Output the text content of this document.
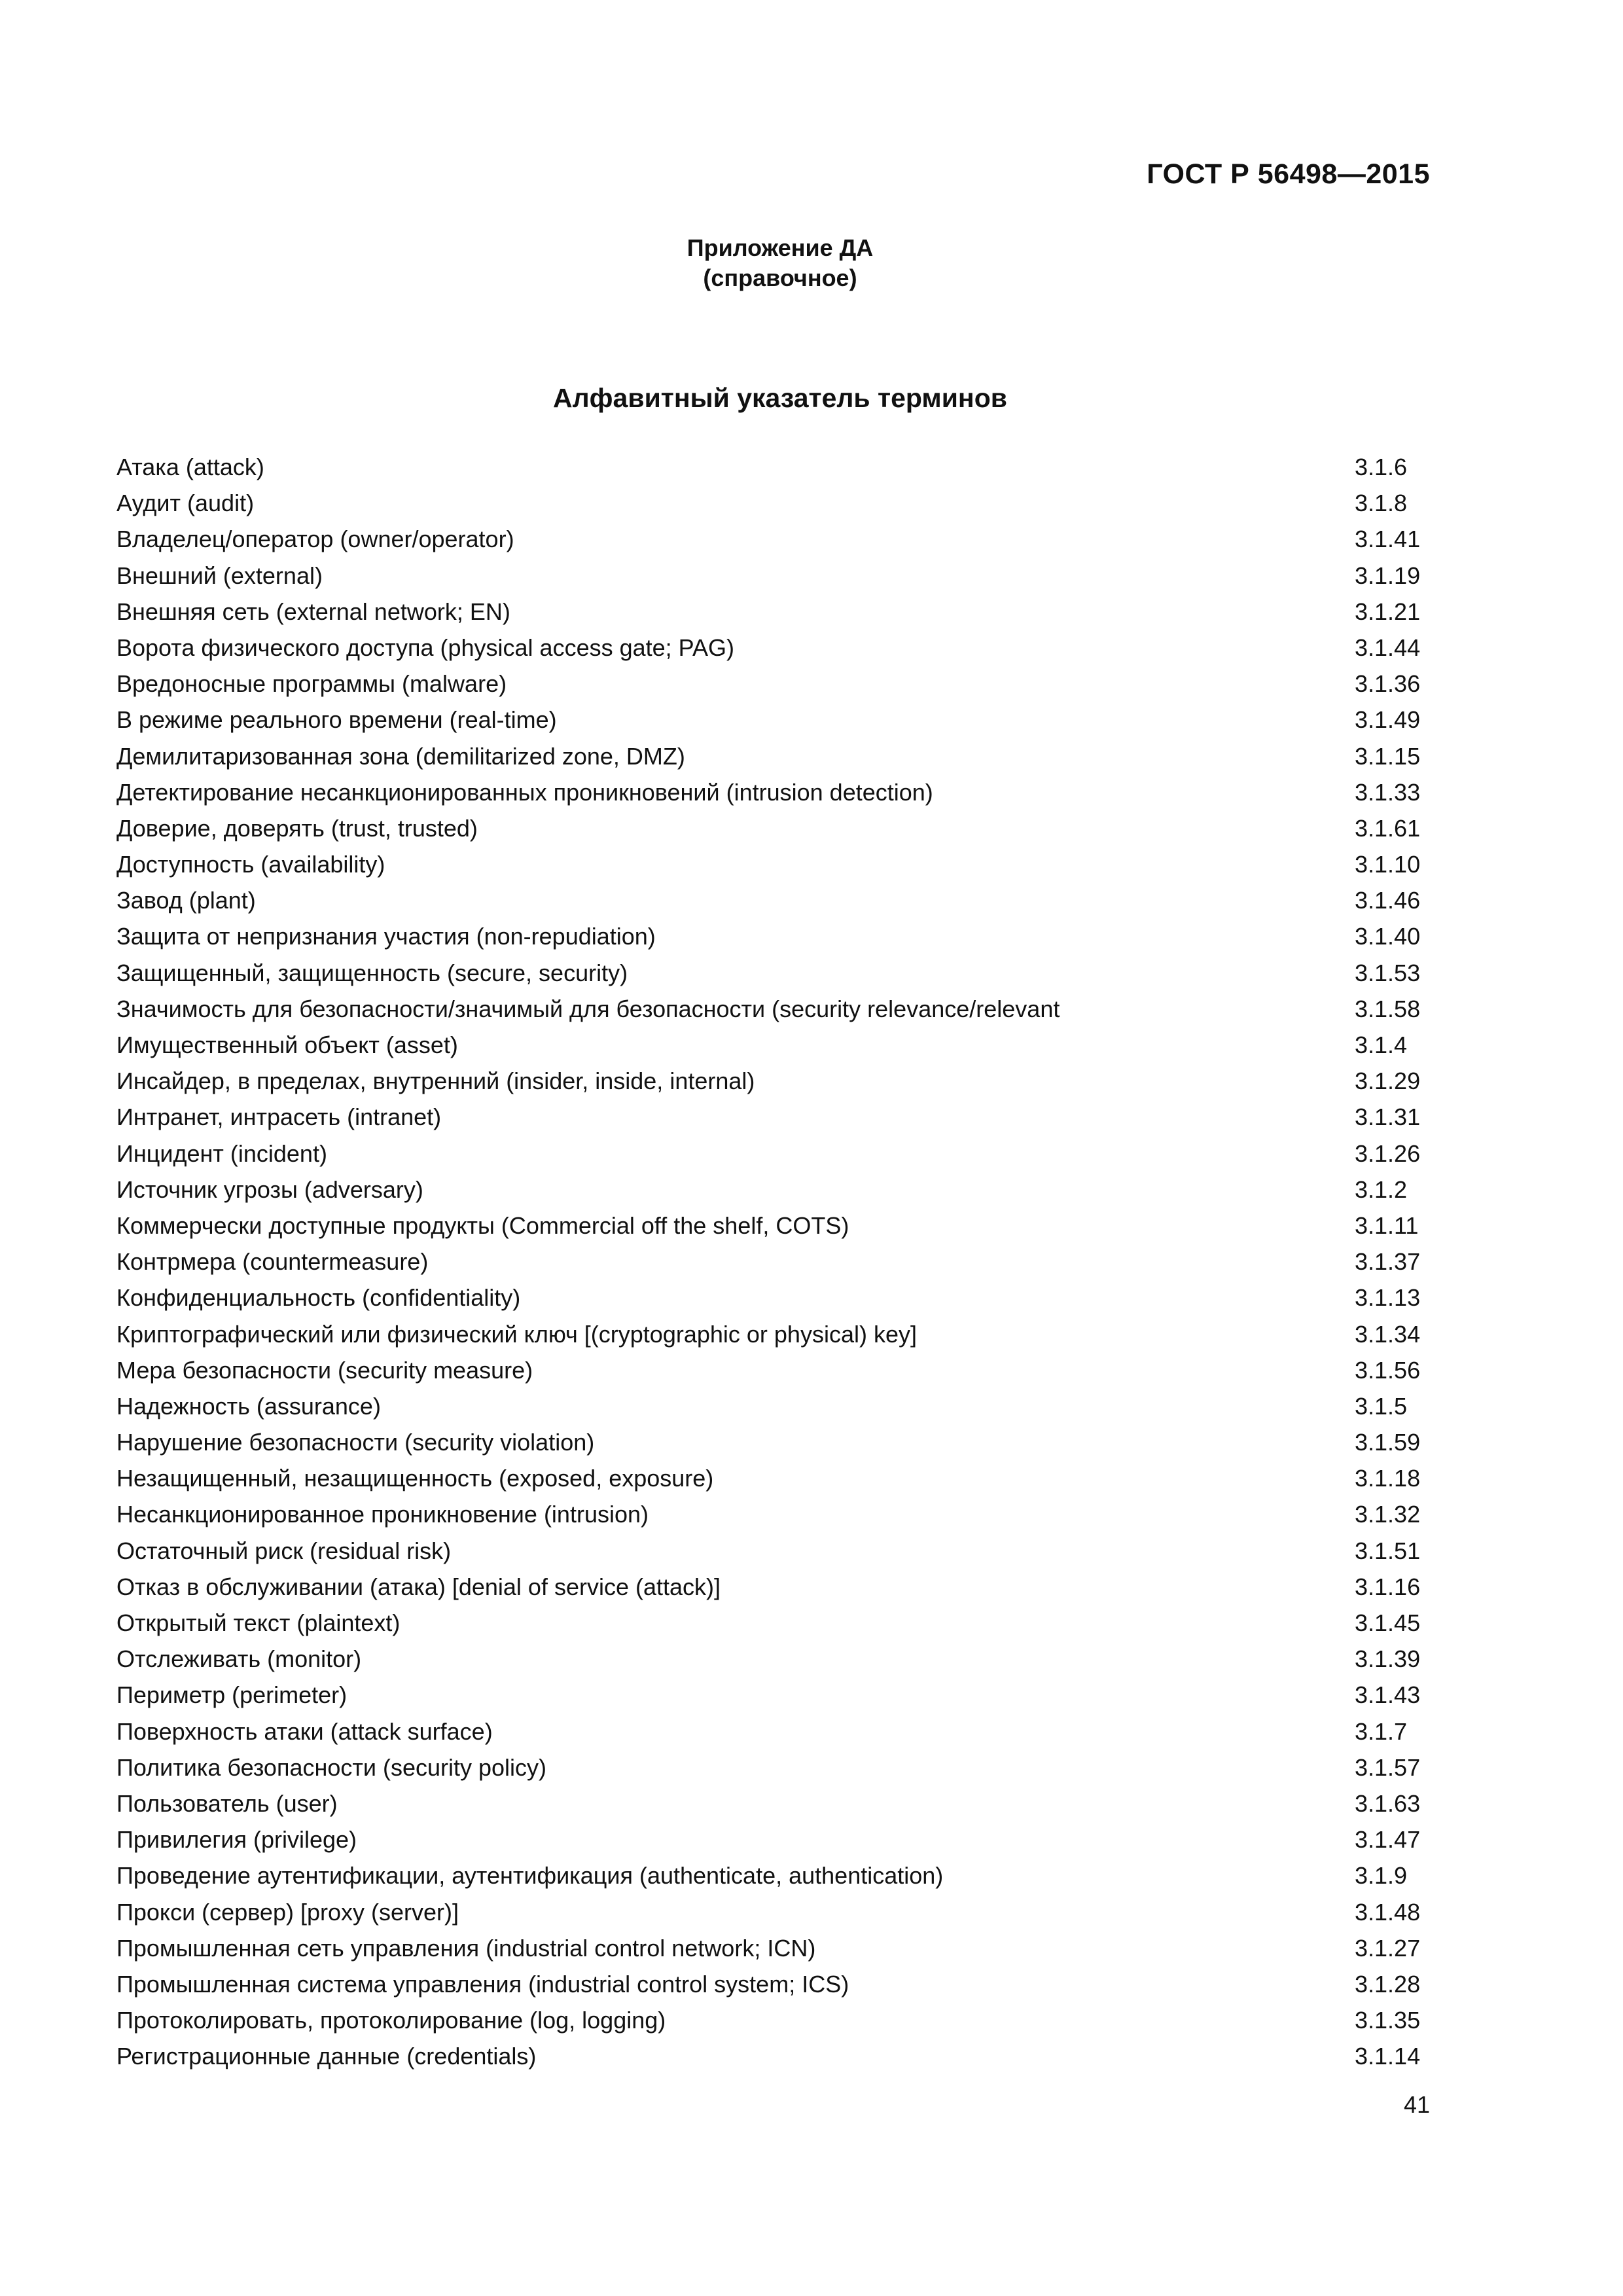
ГОСТ Р 56498—2015
Приложение ДА
(справочное)
Алфавитный указатель терминов
Атака (attack)	3.1.6
Аудит (audit)	3.1.8
Владелец/оператор (owner/operator)	3.1.41
Внешний (external)	3.1.19
Внешняя сеть (external network; EN)	3.1.21
Ворота физического доступа (physical access gate; PAG)	3.1.44
Вредоносные программы (malware)	3.1.36
В режиме реального времени (real-time)	3.1.49
Демилитаризованная зона (demilitarized zone, DMZ)	3.1.15
Детектирование несанкционированных проникновений (intrusion detection)	3.1.33
Доверие, доверять (trust, trusted)	3.1.61
Доступность (availability)	3.1.10
Завод (plant)	3.1.46
Защита от непризнания участия (non-repudiation)	3.1.40
Защищенный, защищенность (secure, security)	3.1.53
Значимость для безопасности/значимый для безопасности (security relevance/relevant	3.1.58
Имущественный объект (asset)	3.1.4
Инсайдер, в пределах, внутренний (insider, inside, internal)	3.1.29
Интранет, интрасеть (intranet)	3.1.31
Инцидент (incident)	3.1.26
Источник угрозы (adversary)	3.1.2
Коммерчески доступные продукты (Commercial off the shelf, COTS)	3.1.11
Контрмера (countermeasure)	3.1.37
Конфиденциальность (confidentiality)	3.1.13
Криптографический или физический ключ [(cryptographic or physical) key]	3.1.34
Мера безопасности (security measure)	3.1.56
Надежность (assurance)	3.1.5
Нарушение безопасности (security violation)	3.1.59
Незащищенный, незащищенность (exposed, exposure)	3.1.18
Несанкционированное проникновение (intrusion)	3.1.32
Остаточный риск (residual risk)	3.1.51
Отказ в обслуживании (атака) [denial of service (attack)]	3.1.16
Открытый текст (plaintext)	3.1.45
Отслеживать (monitor)	3.1.39
Периметр (perimeter)	3.1.43
Поверхность атаки (attack surface)	3.1.7
Политика безопасности (security policy)	3.1.57
Пользователь (user)	3.1.63
Привилегия (privilege)	3.1.47
Проведение аутентификации, аутентификация (authenticate, authentication)	3.1.9
Прокси (сервер) [proxy (server)]	3.1.48
Промышленная сеть управления (industrial control network; ICN)	3.1.27
Промышленная система управления (industrial control system; ICS)	3.1.28
Протоколировать, протоколирование (log, logging)	3.1.35
Регистрационные данные (credentials)	3.1.14
41
